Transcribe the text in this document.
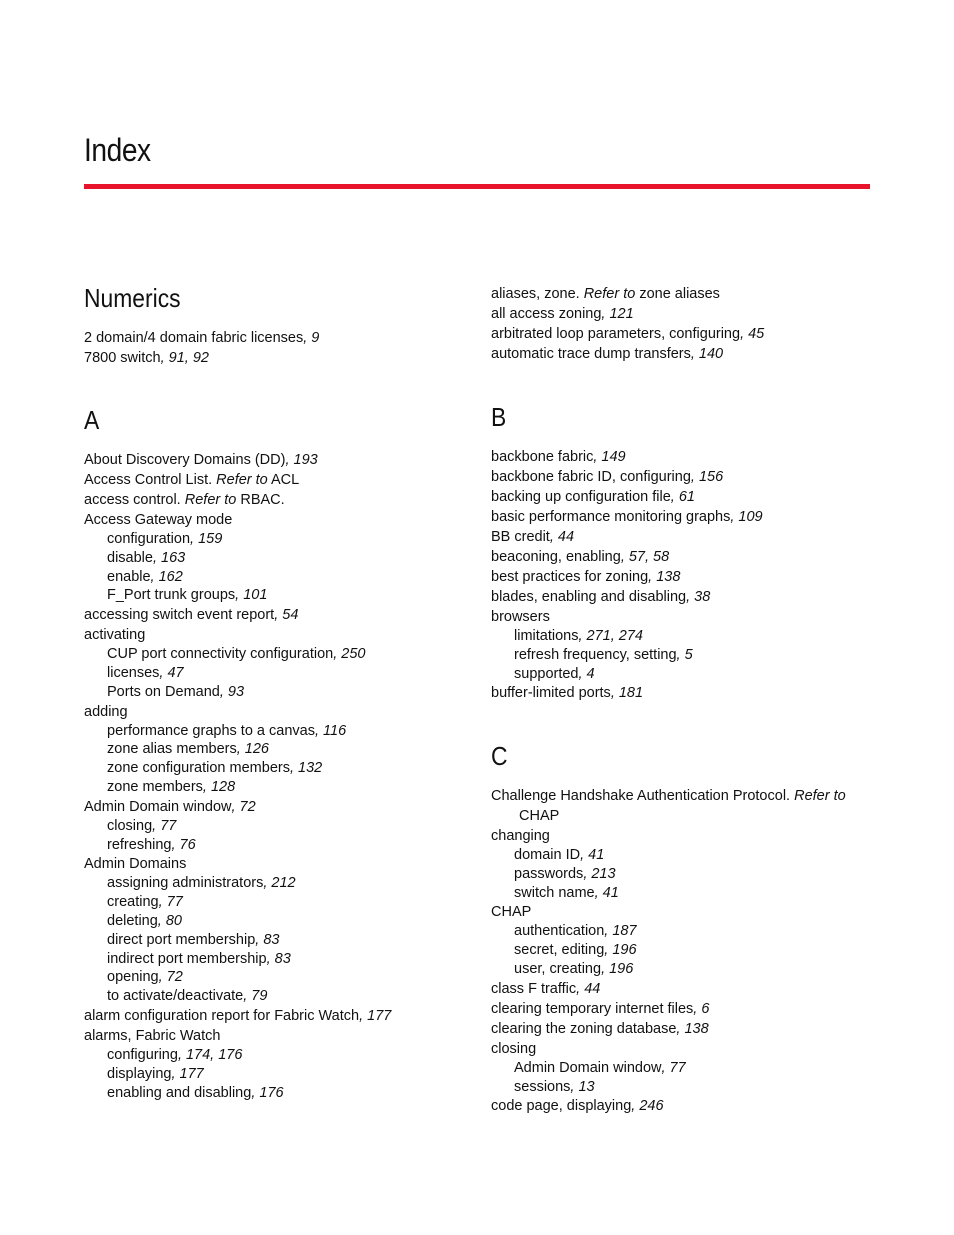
Index
Numerics
2 domain/4 domain fabric licenses, 9
7800 switch, 91, 92
A
About Discovery Domains (DD), 193
Access Control List. Refer to ACL
access control. Refer to RBAC.
Access Gateway mode
configuration, 159
disable, 163
enable, 162
F_Port trunk groups, 101
accessing switch event report, 54
activating
CUP port connectivity configuration, 250
licenses, 47
Ports on Demand, 93
adding
performance graphs to a canvas, 116
zone alias members, 126
zone configuration members, 132
zone members, 128
Admin Domain window, 72
closing, 77
refreshing, 76
Admin Domains
assigning administrators, 212
creating, 77
deleting, 80
direct port membership, 83
indirect port membership, 83
opening, 72
to activate/deactivate, 79
alarm configuration report for Fabric Watch, 177
alarms, Fabric Watch
configuring, 174, 176
displaying, 177
enabling and disabling, 176
aliases, zone. Refer to zone aliases
all access zoning, 121
arbitrated loop parameters, configuring, 45
automatic trace dump transfers, 140
B
backbone fabric, 149
backbone fabric ID, configuring, 156
backing up configuration file, 61
basic performance monitoring graphs, 109
BB credit, 44
beaconing, enabling, 57, 58
best practices for zoning, 138
blades, enabling and disabling, 38
browsers
limitations, 271, 274
refresh frequency, setting, 5
supported, 4
buffer-limited ports, 181
C
Challenge Handshake Authentication Protocol. Refer to
CHAP
changing
domain ID, 41
passwords, 213
switch name, 41
CHAP
authentication, 187
secret, editing, 196
user, creating, 196
class F traffic, 44
clearing temporary internet files, 6
clearing the zoning database, 138
closing
Admin Domain window, 77
sessions, 13
code page, displaying, 246
